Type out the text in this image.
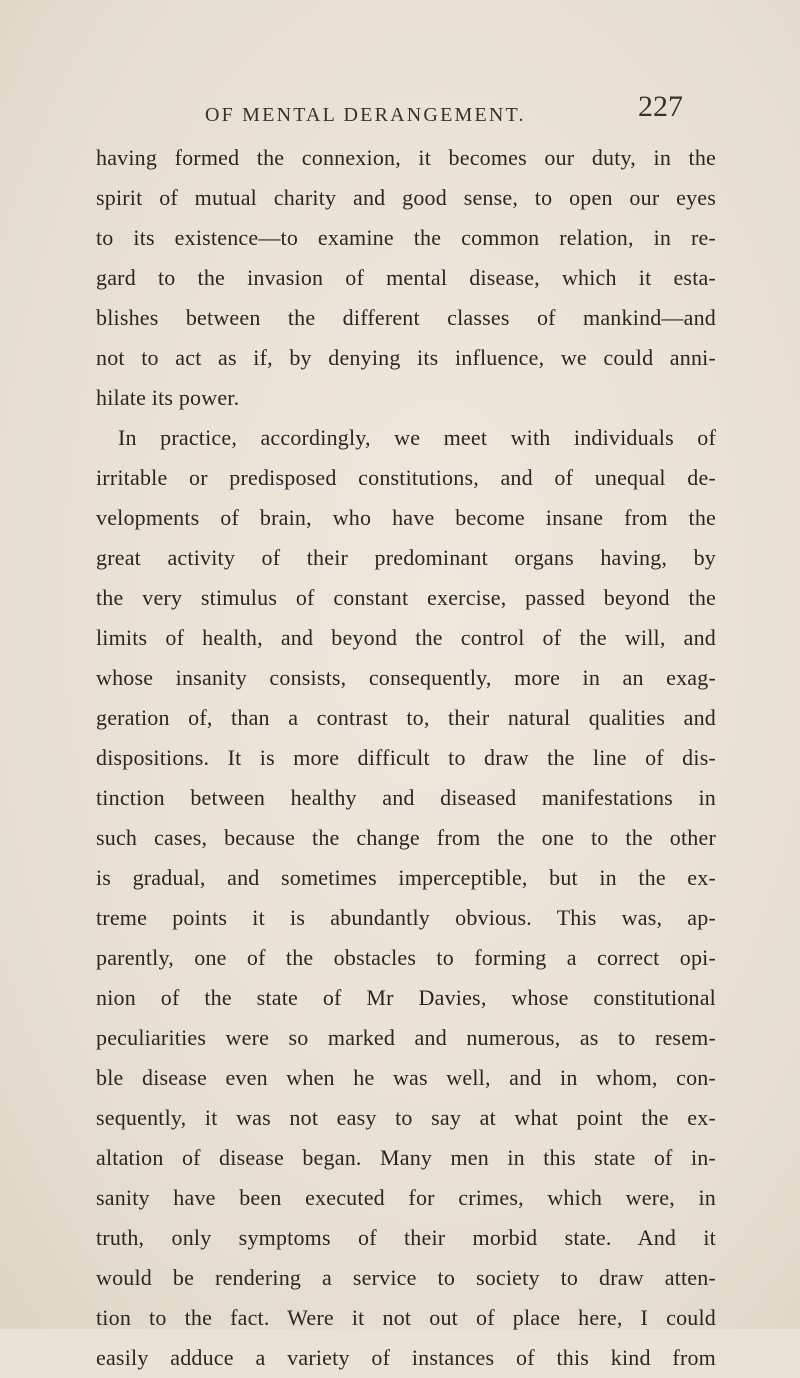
OF MENTAL DERANGEMENT.	227
having formed the connexion, it becomes our duty, in the
spirit of mutual charity and good sense, to open our eyes
to its existence—to examine the common relation, in re-
gard to the invasion of mental disease, which it esta-
blishes between the different classes of mankind—and
not to act as if, by denying its influence, we could anni-
hilate its power.
In practice, accordingly, we meet with individuals of
irritable or predisposed constitutions, and of unequal de-
velopments of brain, who have become insane from the
great activity of their predominant organs having, by
the very stimulus of constant exercise, passed beyond the
limits of health, and beyond the control of the will, and
whose insanity consists, consequently, more in an exag-
geration of, than a contrast to, their natural qualities and
dispositions. It is more difficult to draw the line of dis-
tinction between healthy and diseased manifestations in
such cases, because the change from the one to the other
is gradual, and sometimes imperceptible, but in the ex-
treme points it is abundantly obvious. This was, ap-
parently, one of the obstacles to forming a correct opi-
nion of the state of Mr Davies, whose constitutional
peculiarities were so marked and numerous, as to resem-
ble disease even when he was well, and in whom, con-
sequently, it was not easy to say at what point the ex-
altation of disease began. Many men in this state of in-
sanity have been executed for crimes, which were, in
truth, only symptoms of their morbid state. And it
would be rendering a service to society to draw atten-
tion to the fact. Were it not out of place here, I could
easily adduce a variety of instances of this kind from
